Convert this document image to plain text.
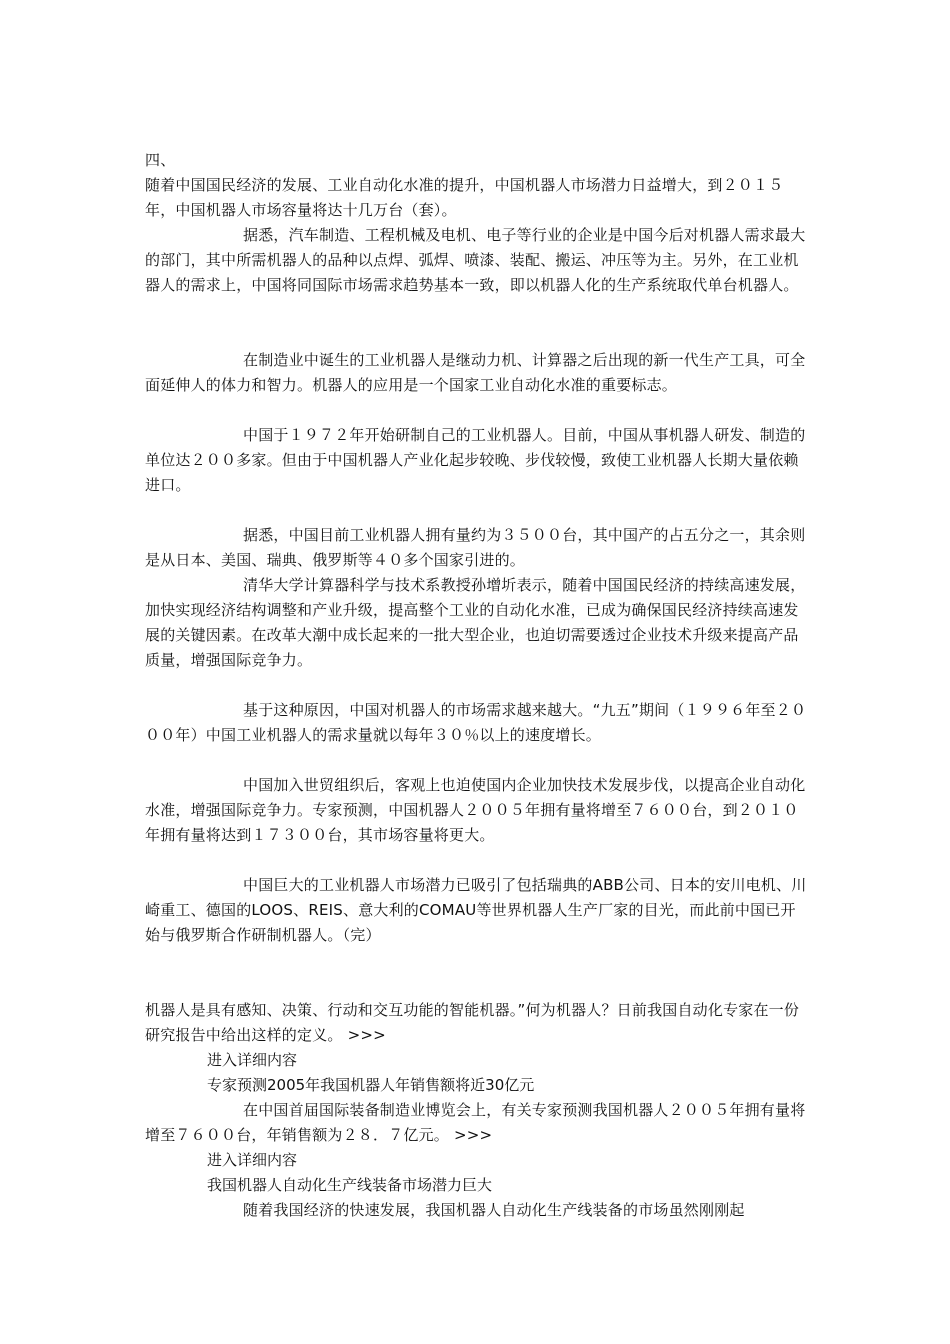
四、

随着中国国民经济的发展、工业自动化水准的提升，中国机器人市场潜力日益增大，到２０１５年，中国机器人市场容量将达十几万台（套）。

据悉，汽车制造、工程机械及电机、电子等行业的企业是中国今后对机器人需求最大的部门，其中所需机器人的品种以点焊、弧焊、喷漆、装配、搬运、冲压等为主。另外，在工业机器人的需求上，中国将同国际市场需求趋势基本一致，即以机器人化的生产系统取代单台机器人。

在制造业中诞生的工业机器人是继动力机、计算器之后出现的新一代生产工具，可全面延伸人的体力和智力。机器人的应用是一个国家工业自动化水准的重要标志。

中国于１９７２年开始研制自己的工业机器人。目前，中国从事机器人研发、制造的单位达２００多家。但由于中国机器人产业化起步较晚、步伐较慢，致使工业机器人长期大量依赖进口。

据悉，中国目前工业机器人拥有量约为３５００台，其中国产的占五分之一，其余则是从日本、美国、瑞典、俄罗斯等４０多个国家引进的。

清华大学计算器科学与技术系教授孙增圻表示，随着中国国民经济的持续高速发展，加快实现经济结构调整和产业升级，提高整个工业的自动化水准，已成为确保国民经济持续高速发展的关键因素。在改革大潮中成长起来的一批大型企业，也迫切需要透过企业技术升级来提高产品质量，增强国际竞争力。

基于这种原因，中国对机器人的市场需求越来越大。“九五”期间（１９９６年至２０００年）中国工业机器人的需求量就以每年３０％以上的速度增长。

中国加入世贸组织后，客观上也迫使国内企业加快技术发展步伐，以提高企业自动化水准，增强国际竞争力。专家预测，中国机器人２００５年拥有量将增至７６００台，到２０１０年拥有量将达到１７３００台，其市场容量将更大。

中国巨大的工业机器人市场潜力已吸引了包括瑞典的ABB公司、日本的安川电机、川崎重工、德国的LOOS、REIS、意大利的COMAU等世界机器人生产厂家的目光，而此前中国已开始与俄罗斯合作研制机器人。（完）

机器人是具有感知、决策、行动和交互功能的智能机器。”何为机器人？日前我国自动化专家在一份研究报告中给出这样的定义。 >>>

进入详细内容

专家预测2005年我国机器人年销售额将近30亿元

在中国首届国际装备制造业博览会上，有关专家预测我国机器人２００５年拥有量将增至７６００台，年销售额为２８．７亿元。 >>>

进入详细内容

我国机器人自动化生产线装备市场潜力巨大

随着我国经济的快速发展，我国机器人自动化生产线装备的市场虽然刚刚起
